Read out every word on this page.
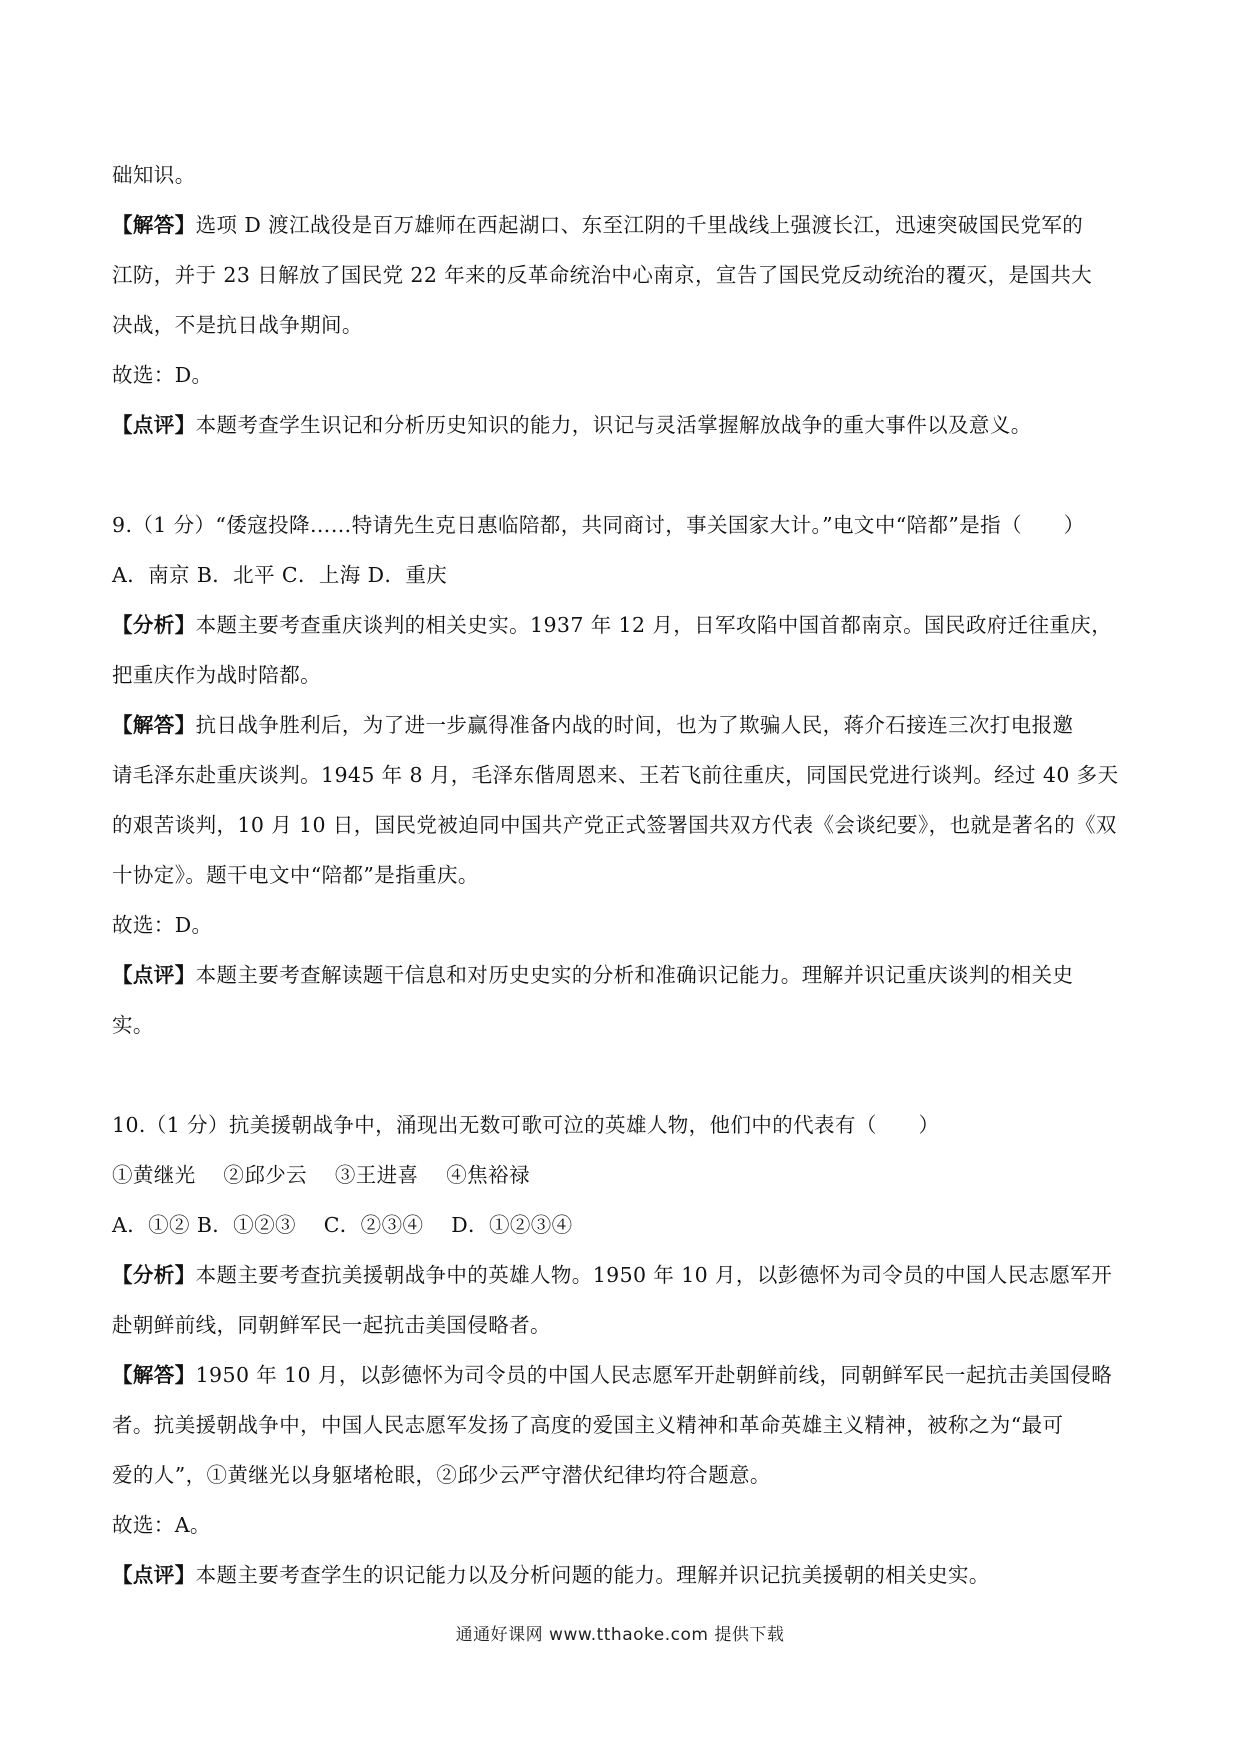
础知识。
【解答】选项 D 渡江战役是百万雄师在西起湖口、东至江阴的千里战线上强渡长江，迅速突破国民党军的
江防，并于 23 日解放了国民党 22 年来的反革命统治中心南京，宣告了国民党反动统治的覆灭，是国共大
决战，不是抗日战争期间。
故选：D。
【点评】本题考查学生识记和分析历史知识的能力，识记与灵活掌握解放战争的重大事件以及意义。
9.（1 分）“倭寇投降……特请先生克日惠临陪都，共同商讨，事关国家大计。”电文中“陪都”是指（　　）
A．南京 B．北平 C．上海 D．重庆
【分析】本题主要考查重庆谈判的相关史实。1937 年 12 月，日军攻陷中国首都南京。国民政府迁往重庆，
把重庆作为战时陪都。
【解答】抗日战争胜利后，为了进一步赢得准备内战的时间，也为了欺骗人民，蒋介石接连三次打电报邀
请毛泽东赴重庆谈判。1945 年 8 月，毛泽东偕周恩来、王若飞前往重庆，同国民党进行谈判。经过 40 多天
的艰苦谈判，10 月 10 日，国民党被迫同中国共产党正式签署国共双方代表《会谈纪要》，也就是著名的《双
十协定》。题干电文中“陪都”是指重庆。
故选：D。
【点评】本题主要考查解读题干信息和对历史史实的分析和准确识记能力。理解并识记重庆谈判的相关史
实。
10.（1 分）抗美援朝战争中，涌现出无数可歌可泣的英雄人物，他们中的代表有（　　）
①黄继光　 ②邱少云　 ③王进喜　 ④焦裕禄
A．①② B．①②③　 C．②③④　 D．①②③④
【分析】本题主要考查抗美援朝战争中的英雄人物。1950 年 10 月，以彭德怀为司令员的中国人民志愿军开
赴朝鲜前线，同朝鲜军民一起抗击美国侵略者。
【解答】1950 年 10 月，以彭德怀为司令员的中国人民志愿军开赴朝鲜前线，同朝鲜军民一起抗击美国侵略
者。抗美援朝战争中，中国人民志愿军发扬了高度的爱国主义精神和革命英雄主义精神，被称之为“最可
爱的人”，①黄继光以身躯堵枪眼，②邱少云严守潜伏纪律均符合题意。
故选：A。
【点评】本题主要考查学生的识记能力以及分析问题的能力。理解并识记抗美援朝的相关史实。
通通好课网 www.tthaoke.com 提供下载
